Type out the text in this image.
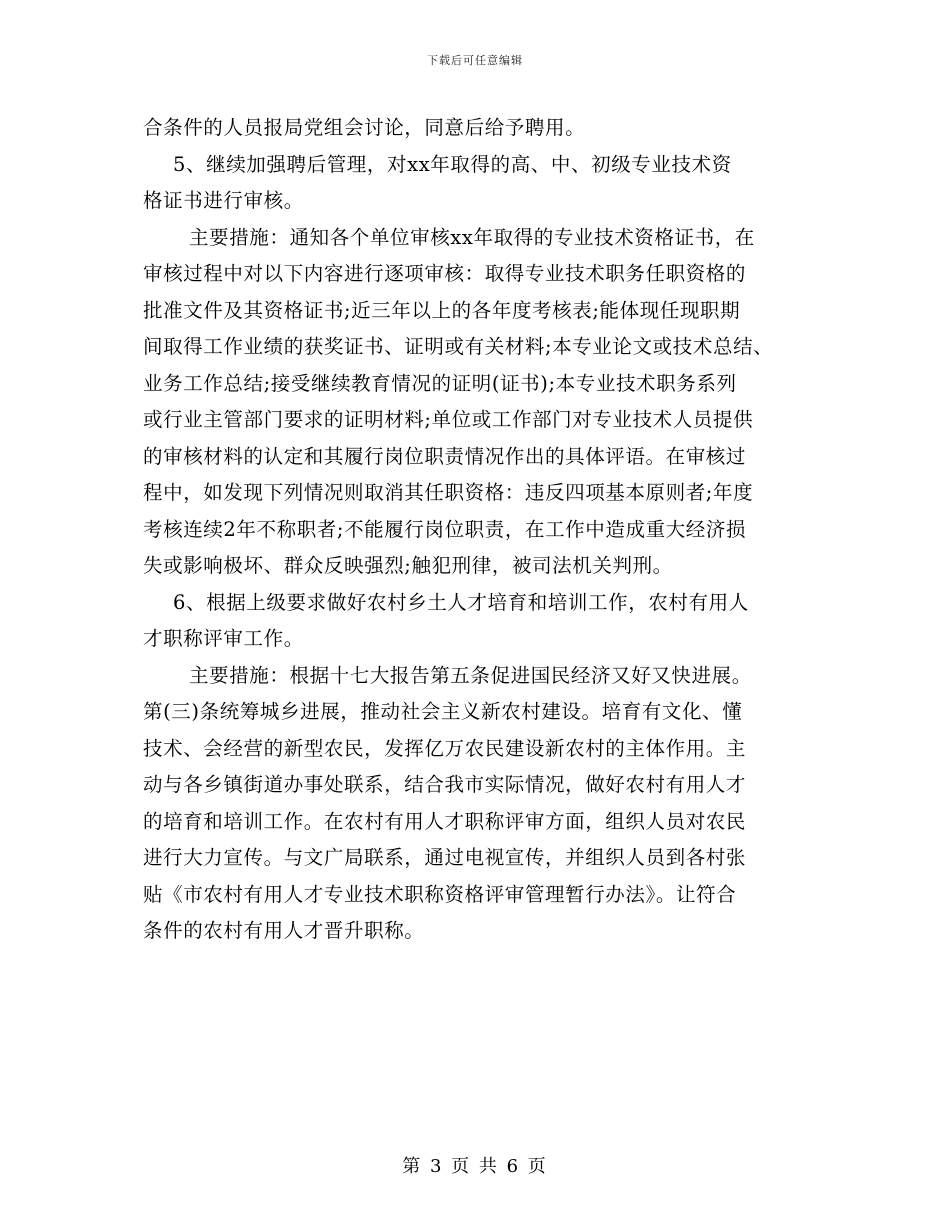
下载后可任意编辑
合条件的人员报局党组会讨论，同意后给予聘用。
5、继续加强聘后管理，对xx年取得的高、中、初级专业技术资
格证书进行审核。
主要措施：通知各个单位审核xx年取得的专业技术资格证书，在
审核过程中对以下内容进行逐项审核：取得专业技术职务任职资格的
批准文件及其资格证书;近三年以上的各年度考核表;能体现任现职期
间取得工作业绩的获奖证书、证明或有关材料;本专业论文或技术总结、
业务工作总结;接受继续教育情况的证明(证书);本专业技术职务系列
或行业主管部门要求的证明材料;单位或工作部门对专业技术人员提供
的审核材料的认定和其履行岗位职责情况作出的具体评语。在审核过
程中，如发现下列情况则取消其任职资格：违反四项基本原则者;年度
考核连续2年不称职者;不能履行岗位职责，在工作中造成重大经济损
失或影响极坏、群众反映强烈;触犯刑律，被司法机关判刑。
6、根据上级要求做好农村乡土人才培育和培训工作，农村有用人
才职称评审工作。
主要措施：根据十七大报告第五条促进国民经济又好又快进展。
第(三)条统筹城乡进展，推动社会主义新农村建设。培育有文化、懂
技术、会经营的新型农民，发挥亿万农民建设新农村的主体作用。主
动与各乡镇街道办事处联系，结合我市实际情况，做好农村有用人才
的培育和培训工作。在农村有用人才职称评审方面，组织人员对农民
进行大力宣传。与文广局联系，通过电视宣传，并组织人员到各村张
贴《市农村有用人才专业技术职称资格评审管理暂行办法》。让符合
条件的农村有用人才晋升职称。
第 3 页 共 6 页
